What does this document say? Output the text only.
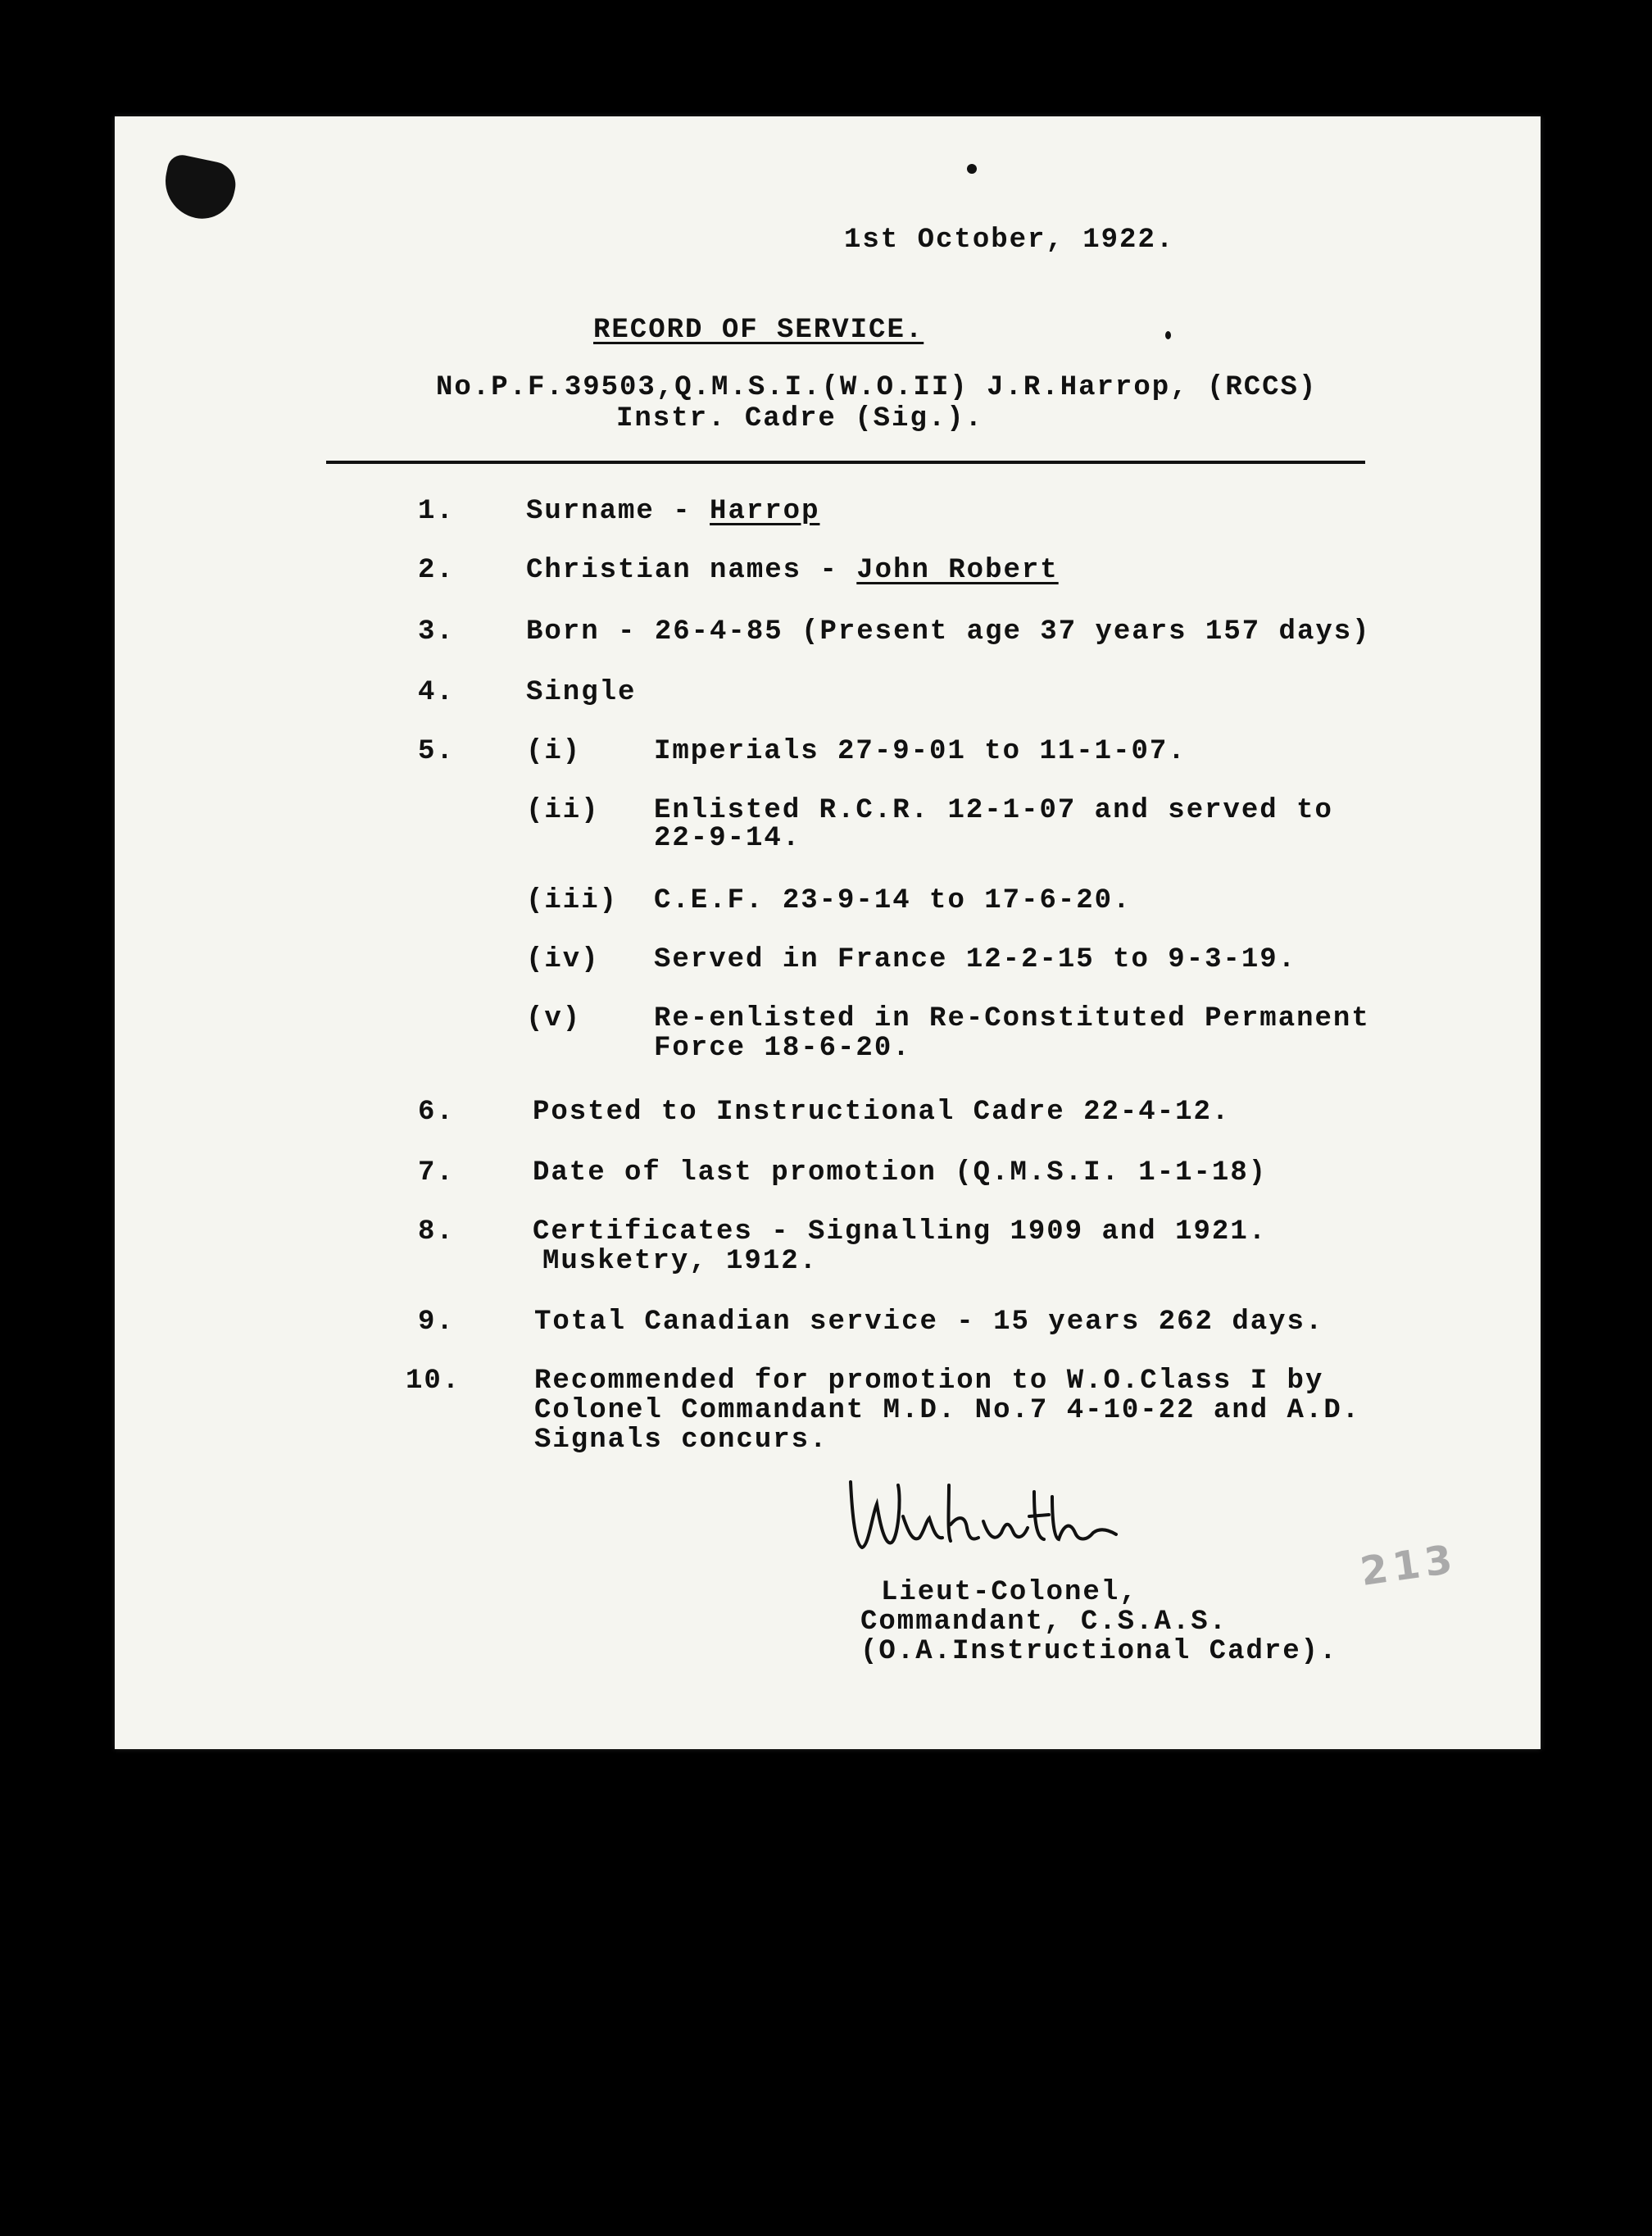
1st October, 1922.
RECORD OF SERVICE.
No.P.F.39503,Q.M.S.I.(W.O.II) J.R.Harrop, (RCCS)
Instr. Cadre (Sig.).
1.	Surname - Harrop
2.	Christian names - John Robert
3.	Born - 26-4-85 (Present age 37 years 157 days)
4.	Single
5.	(i)	Imperials 27-9-01 to 11-1-07.
(ii) Enlisted R.C.R. 12-1-07 and served to
22-9-14.
(iii) C.E.F. 23-9-14 to 17-6-20.
(iv) Served in France 12-2-15 to 9-3-19.
(v)	Re-enlisted in Re-Constituted Permanent
Force 18-6-20.
6.	Posted to Instructional Cadre 22-4-12.
7.	Date of last promotion (Q.M.S.I. 1-1-18)
8.	Certificates - Signalling 1909 and 1921.
Musketry, 1912.
9.	Total Canadian service - 15 years 262 days.
10.	Recommended for promotion to W.O.Class I by
Colonel Commandant M.D. No.7 4-10-22 and A.D.
Signals concurs.
Lieut-Colonel,
Commandant, C.S.A.S.
(O.A.Instructional Cadre).
213
